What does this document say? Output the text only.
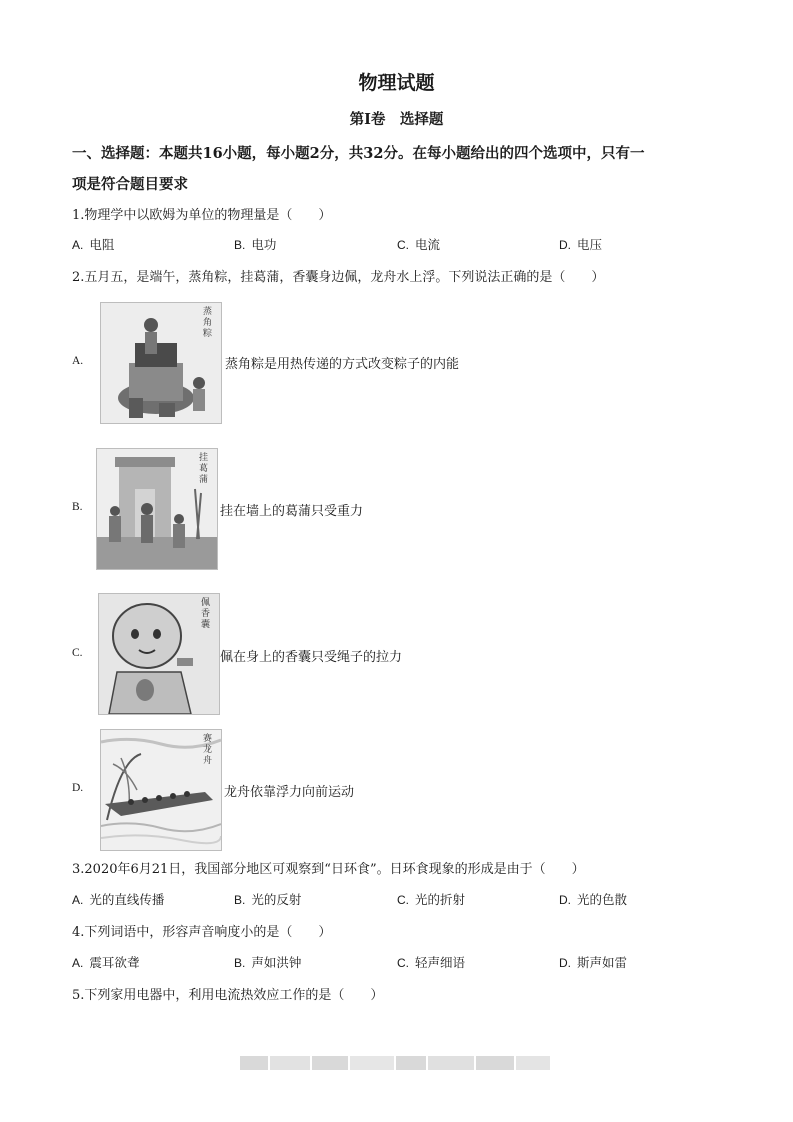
物理试题
第I卷　选择题
一、选择题：本题共16小题，每小题2分，共32分。在每小题给出的四个选项中，只有一
项是符合题目要求
1.物理学中以欧姆为单位的物理量是（　　）
A. 电阻	B. 电功	C. 电流	D. 电压
2.五月五，是端午，蒸角粽，挂葛蒲，香囊身边佩，龙舟水上浮。下列说法正确的是（　　）
A.
蒸角粽
蒸角粽是用热传递的方式改变粽子的内能
B.
挂葛蒲
挂在墙上的葛蒲只受重力
C.
佩香囊
佩在身上的香囊只受绳子的拉力
D.
赛龙舟
龙舟依靠浮力向前运动
3.2020年6月21日，我国部分地区可观察到“日环食”。日环食现象的形成是由于（　　）
A. 光的直线传播	B. 光的反射	C. 光的折射	D. 光的色散
4.下列词语中，形容声音响度小的是（　　）
A. 震耳欲聋	B. 声如洪钟	C. 轻声细语	D. 斯声如雷
5.下列家用电器中，利用电流热效应工作的是（　　）
